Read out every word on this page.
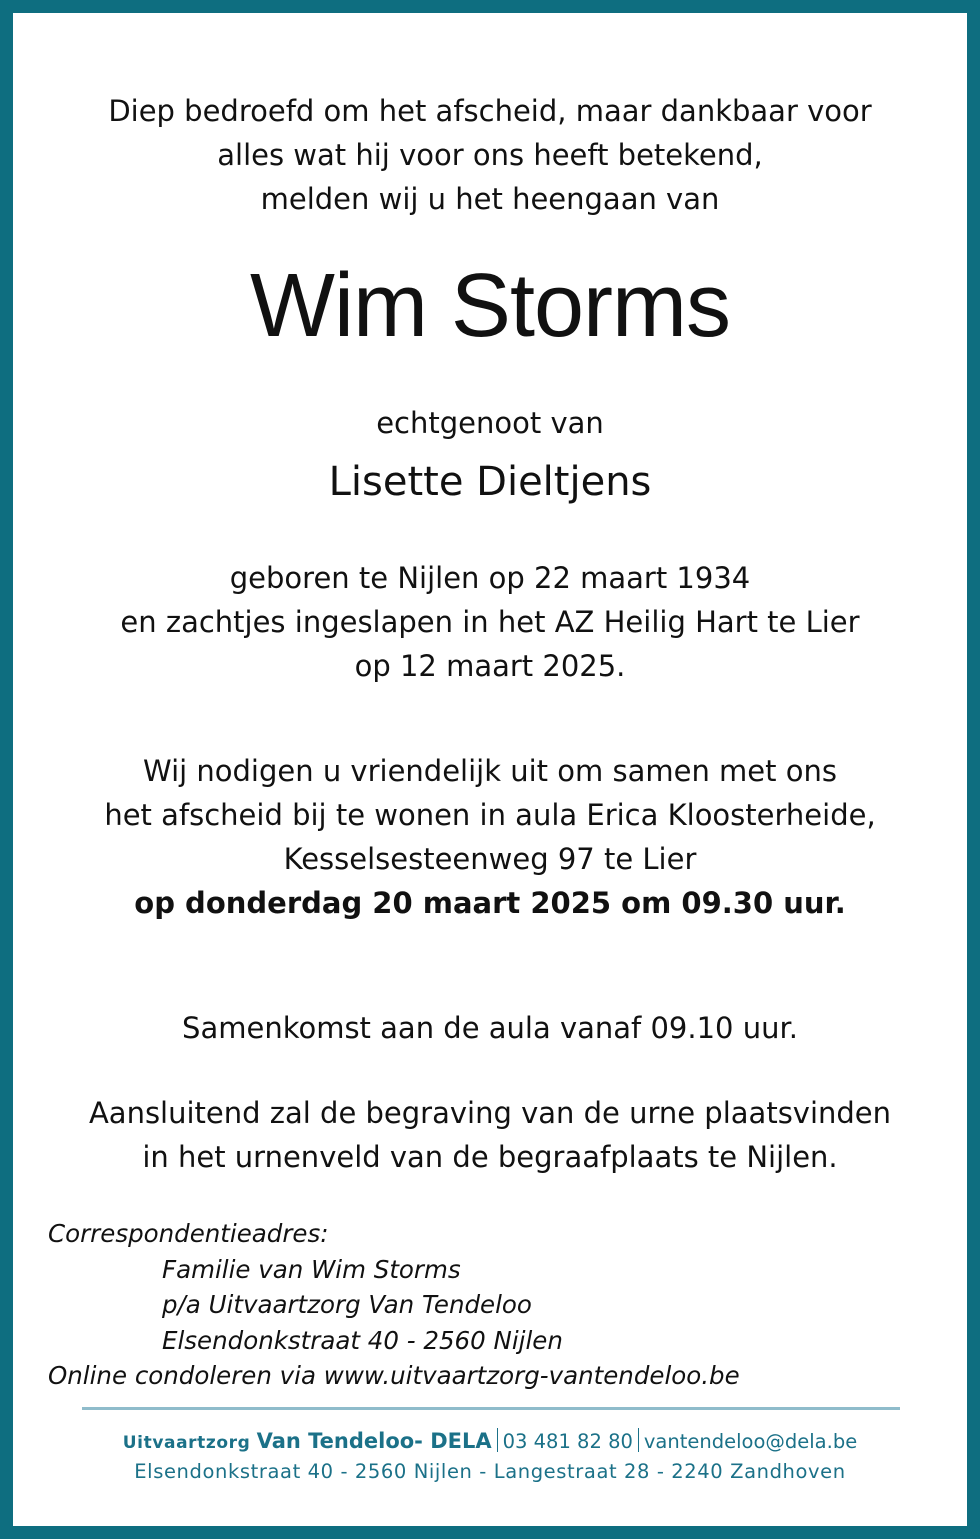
Diep bedroefd om het afscheid, maar dankbaar voor
alles wat hij voor ons heeft betekend,
melden wij u het heengaan van
Wim Storms
echtgenoot van
Lisette Dieltjens
geboren te Nijlen op 22 maart 1934
en zachtjes ingeslapen in het AZ Heilig Hart te Lier
op 12 maart 2025.
Wij nodigen u vriendelijk uit om samen met ons
het afscheid bij te wonen in aula Erica Kloosterheide,
Kesselsesteenweg 97 te Lier
op donderdag 20 maart 2025 om 09.30 uur.
Samenkomst aan de aula vanaf 09.10 uur.
Aansluitend zal de begraving van de urne plaatsvinden
in het urnenveld van de begraafplaats te Nijlen.
Correspondentieadres:
Familie van Wim Storms
p/a Uitvaartzorg Van Tendeloo
Elsendonkstraat 40 - 2560 Nijlen
Online condoleren via www.uitvaartzorg-vantendeloo.be
Uitvaartzorg Van Tendeloo- DELA 03 481 82 80 vantendeloo@dela.be
Elsendonkstraat 40 - 2560 Nijlen - Langestraat 28 - 2240 Zandhoven
